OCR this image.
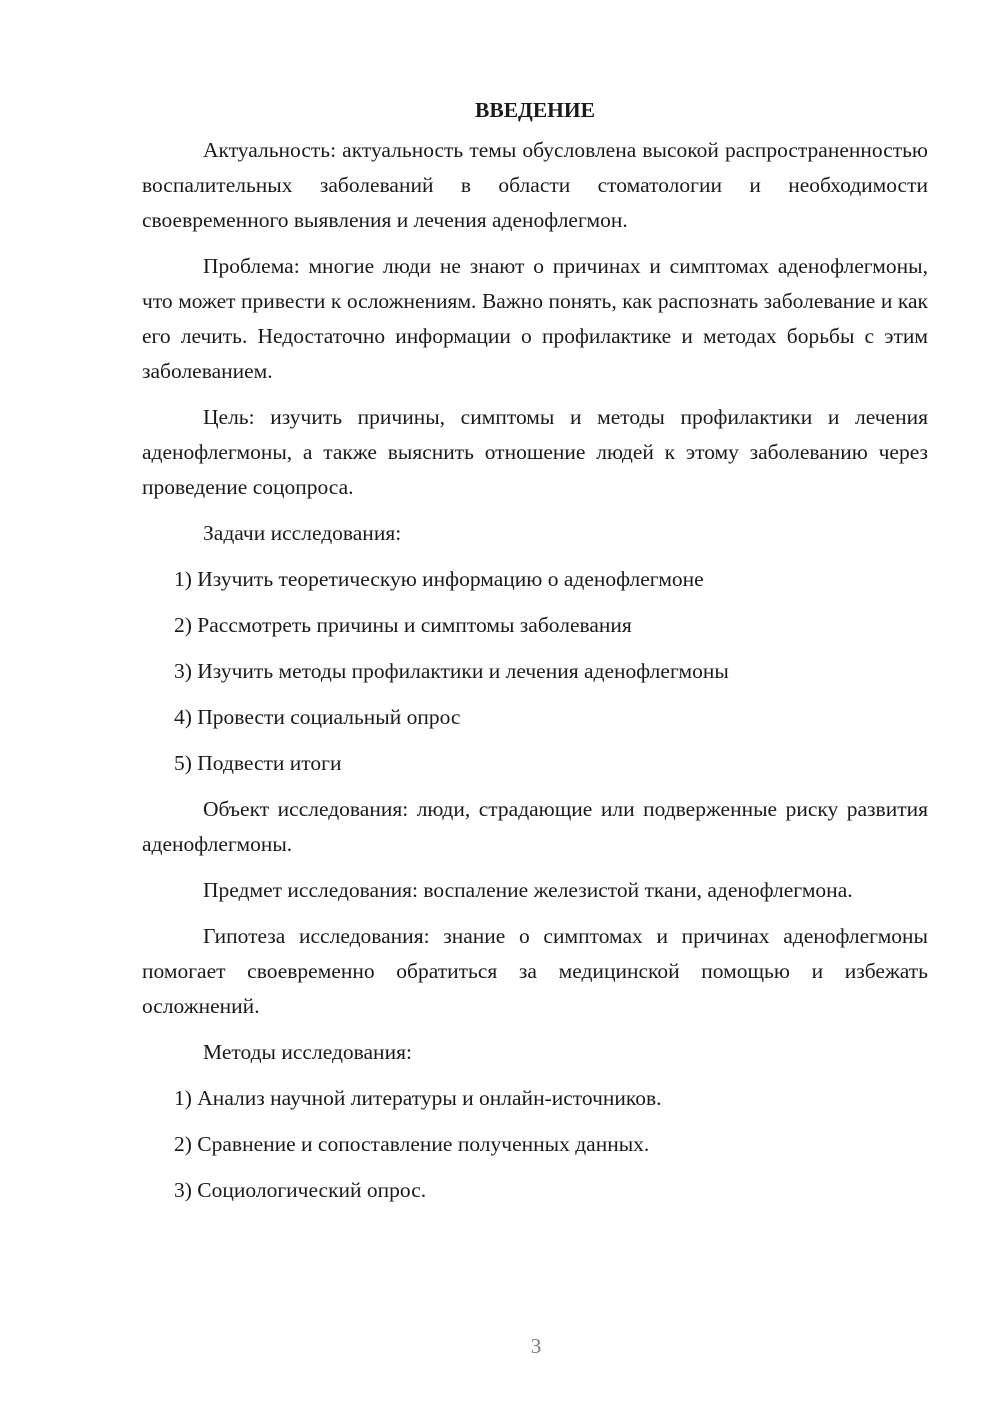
ВВЕДЕНИЕ

Актуальность: актуальность темы обусловлена высокой распространенностью воспалительных заболеваний в области стоматологии и необходимости своевременного выявления и лечения аденофлегмон.

Проблема: многие люди не знают о причинах и симптомах аденофлегмоны, что может привести к осложнениям. Важно понять, как распознать заболевание и как его лечить. Недостаточно информации о профилактике и методах борьбы с этим заболеванием.

Цель: изучить причины, симптомы и методы профилактики и лечения аденофлегмоны, а также выяснить отношение людей к этому заболеванию через проведение соцопроса.

Задачи исследования:

1) Изучить теоретическую информацию о аденофлегмоне

2) Рассмотреть причины и симптомы заболевания

3) Изучить методы профилактики и лечения аденофлегмоны

4) Провести социальный опрос

5) Подвести итоги

Объект исследования: люди, страдающие или подверженные риску развития аденофлегмоны.

Предмет исследования: воспаление железистой ткани, аденофлегмона.

Гипотеза исследования: знание о симптомах и причинах аденофлегмоны помогает своевременно обратиться за медицинской помощью и избежать осложнений.

Методы исследования:

1) Анализ научной литературы и онлайн-источников.

2) Сравнение и сопоставление полученных данных.

3) Социологический опрос.

3
